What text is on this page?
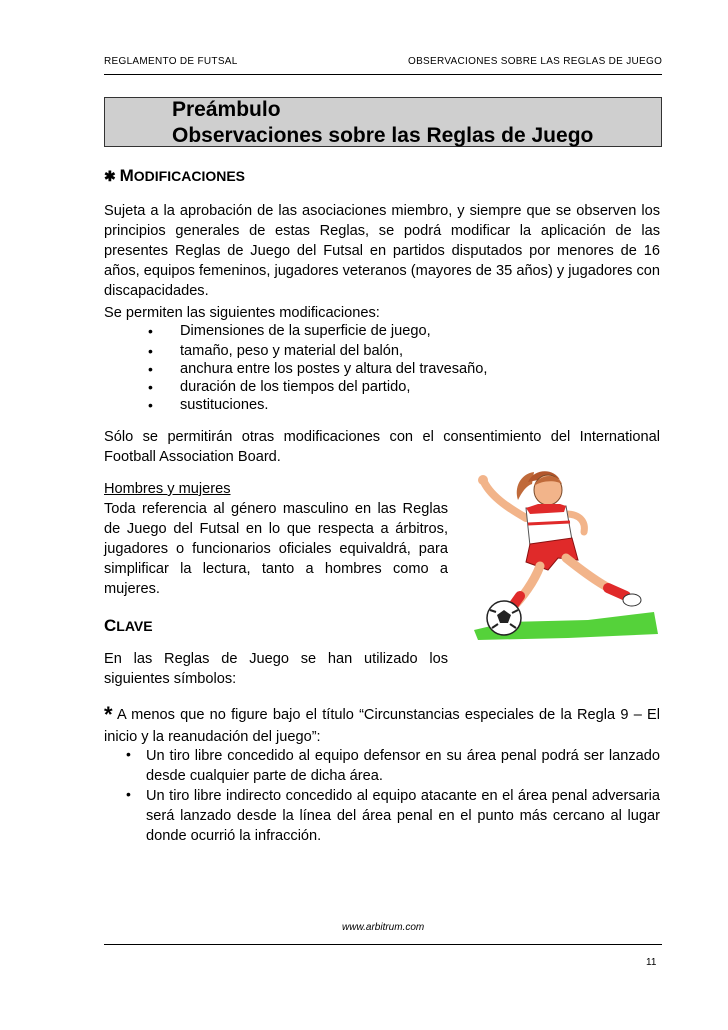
REGLAMENTO DE FUTSAL	OBSERVACIONES SOBRE LAS REGLAS DE JUEGO
Preámbulo
Observaciones sobre las Reglas de Juego
✱ MODIFICACIONES
Sujeta a la aprobación de las asociaciones miembro, y siempre que se observen los principios generales de estas Reglas, se podrá modificar la aplicación de las presentes Reglas de Juego del Futsal en partidos disputados por menores de 16 años, equipos femeninos, jugadores veteranos (mayores de 35 años) y jugadores con discapacidades.
Se permiten las siguientes modificaciones:
• Dimensiones de la superficie de juego,
• tamaño, peso y material del balón,
• anchura entre los postes y altura del travesaño,
• duración de los tiempos del partido,
• sustituciones.
Sólo se permitirán otras modificaciones con el consentimiento del International Football Association Board.
Hombres y mujeres
Toda referencia al género masculino en las Reglas de Juego del Futsal en lo que respecta a árbitros, jugadores o funcionarios oficiales equivaldrá, para simplificar la lectura, tanto a hombres como a mujeres.
CLAVE
En las Reglas de Juego se han utilizado los siguientes símbolos:
* A menos que no figure bajo el título “Circunstancias especiales de la Regla 9 – El inicio y la reanudación del juego”:
• Un tiro libre concedido al equipo defensor en su área penal podrá ser lanzado desde cualquier parte de dicha área.
• Un tiro libre indirecto concedido al equipo atacante en el área penal adversaria será lanzado desde la línea del área penal en el punto más cercano al lugar donde ocurrió la infracción.
www.arbitrum.com
11
